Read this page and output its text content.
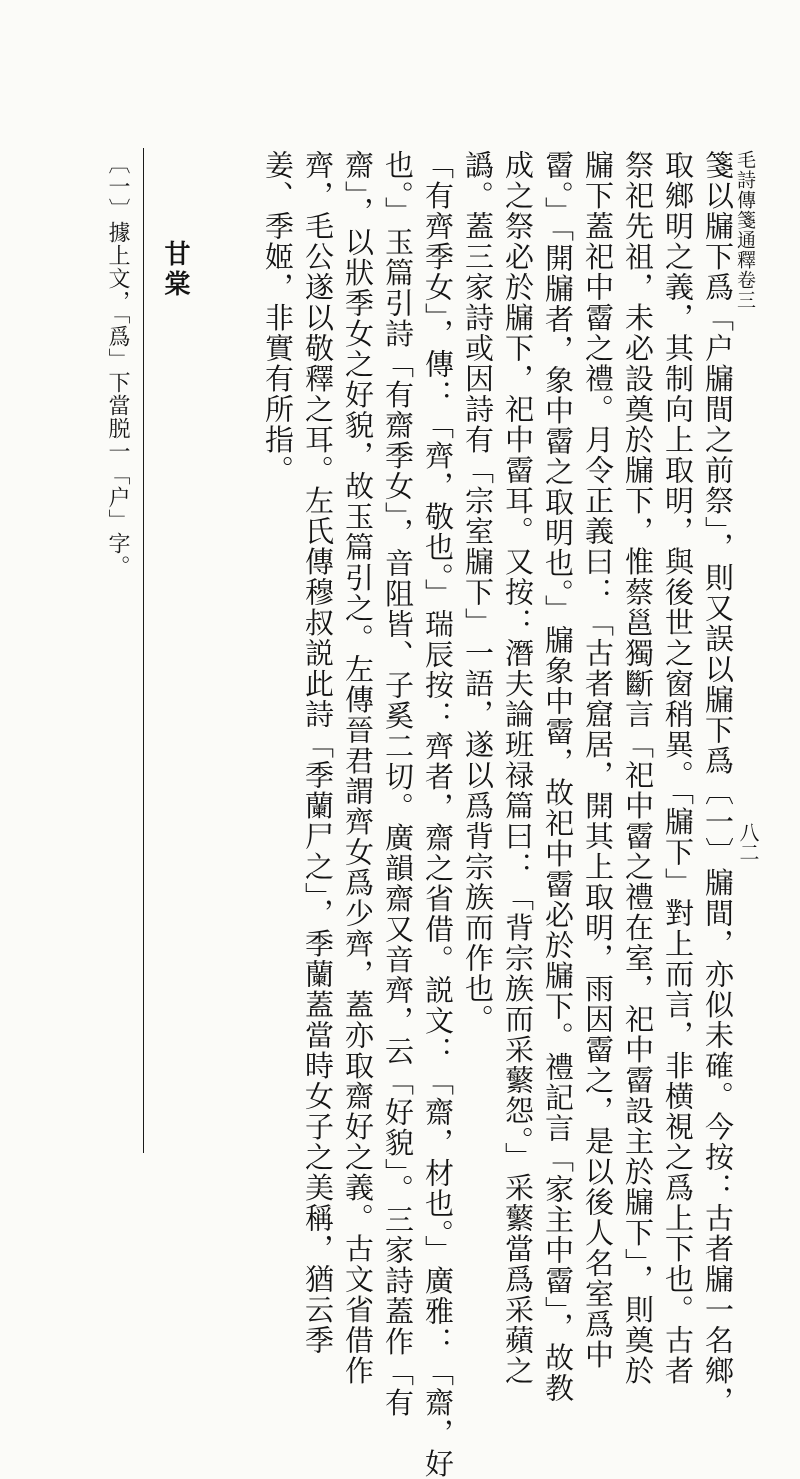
毛詩傳箋通釋卷三
八二
箋以牖下爲「户牖間之前祭」，則又誤以牖下爲〔一〕牖間，亦似未確。今按：古者牖一名鄉，
取鄉明之義，其制向上取明，與後世之窗稍異。「牖下」對上而言，非横視之爲上下也。古者
祭祀先祖，未必設奠於牖下，惟蔡邕獨斷言「祀中霤之禮在室，祀中霤設主於牖下」，則奠於
牖下蓋祀中霤之禮。月令正義曰：「古者窟居，開其上取明，雨因霤之，是以後人名室爲中
霤。」「開牖者，象中霤之取明也。」牖象中霤，故祀中霤必於牖下。禮記言「家主中霤」，故教
成之祭必於牖下，祀中霤耳。又按：潛夫論班禄篇曰：「背宗族而采蘩怨。」采蘩當爲采蘋之
譌。蓋三家詩或因詩有「宗室牖下」一語，遂以爲背宗族而作也。
「有齊季女」，傳：「齊，敬也。」瑞辰按：齊者，齋之省借。説文：「齋，材也。」廣雅：「齋，好
也。」玉篇引詩「有齋季女」，音阻皆、子奚二切。廣韻齋又音齊，云「好貌」。三家詩蓋作「有
齋」，以狀季女之好貌，故玉篇引之。左傳晉君謂齊女爲少齊，蓋亦取齋好之義。古文省借作
齊，毛公遂以敬釋之耳。左氏傳穆叔説此詩「季蘭尸之」，季蘭蓋當時女子之美稱，猶云季
姜、季姬，非實有所指。
甘棠
〔一〕據上文，「爲」下當脱一「户」字。
